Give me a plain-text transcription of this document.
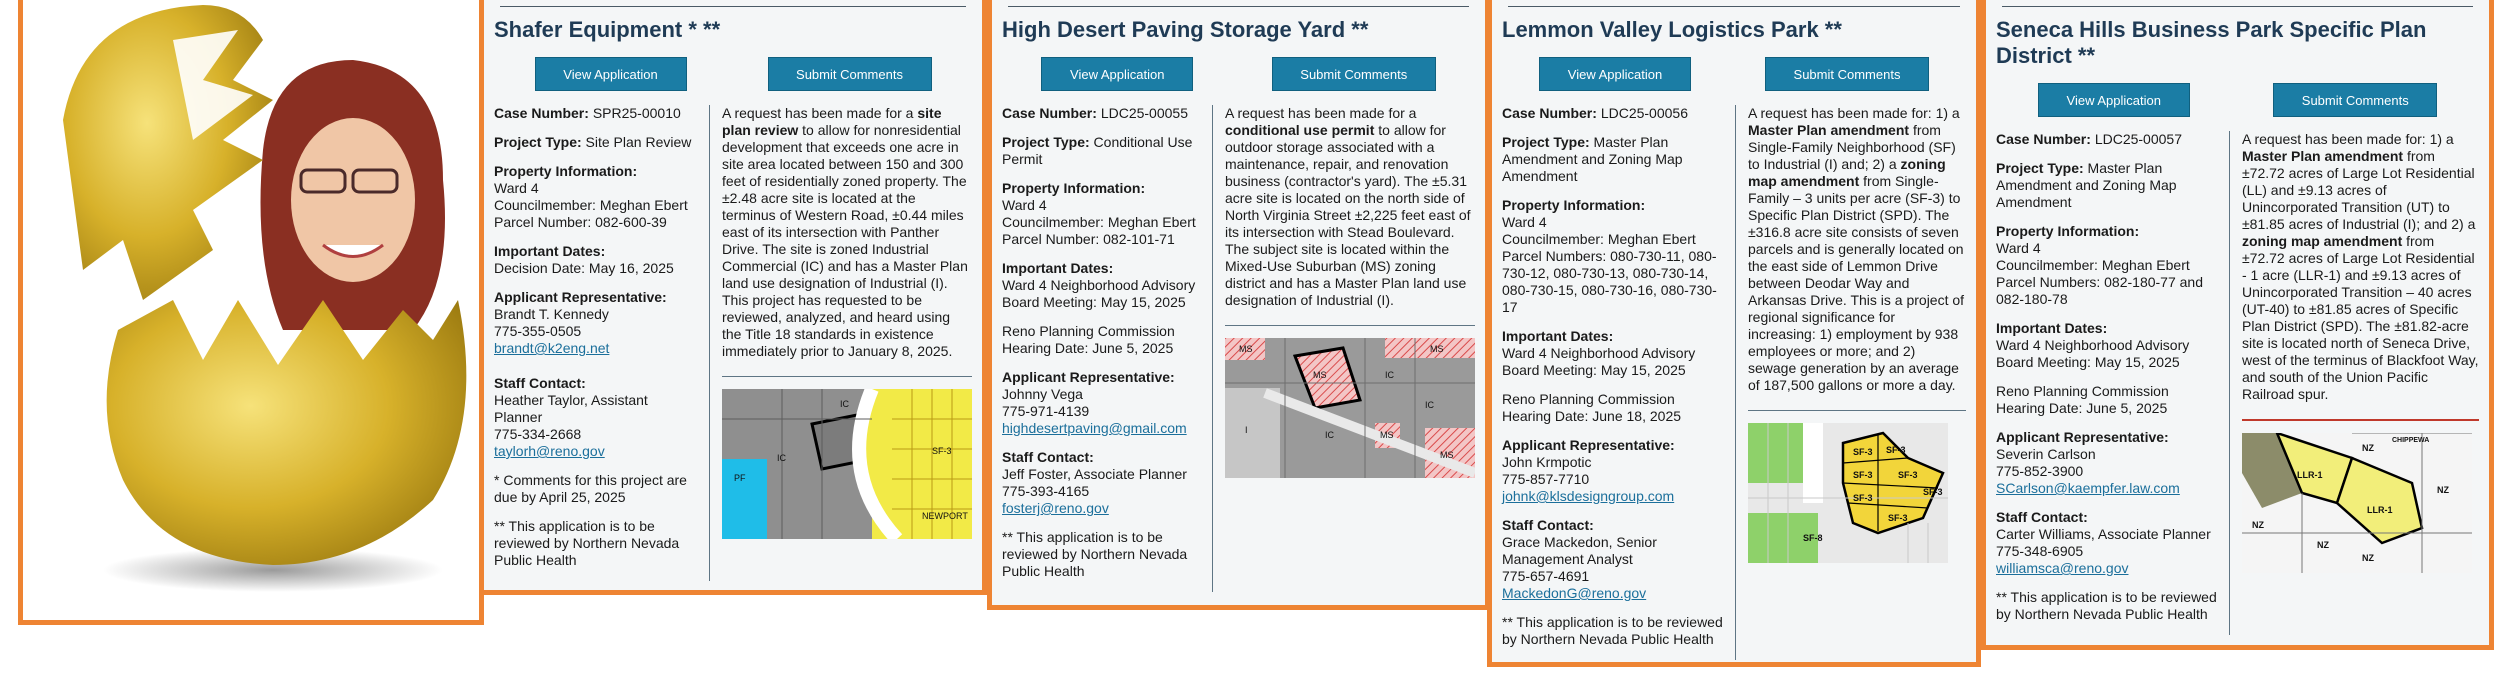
Shafer Equipment * **
View Application	Submit Comments
Case Number: SPR25-00010
Project Type: Site Plan Review
Property Information:
Ward 4
Councilmember: Meghan Ebert
Parcel Number: 082-600-39
Important Dates:
Decision Date: May 16, 2025
Applicant Representative:
Brandt T. Kennedy
775-355-0505
brandt@k2eng.net
Staff Contact:
Heather Taylor, Assistant Planner
775-334-2668
taylorh@reno.gov
* Comments for this project are due by April 25, 2025
** This application is to be reviewed by Northern Nevada Public Health
A request has been made for a site plan review to allow for nonresidential development that exceeds one acre in site area located between 150 and 300 feet of residentially zoned property. The ±2.48 acre site is located at the terminus of Western Road, ±0.44 miles east of its intersection with Panther Drive. The site is zoned Industrial Commercial (IC) and has a Master Plan land use designation of Industrial (I). This project has requested to be reviewed, analyzed, and heard using the Title 18 standards in existence immediately prior to January 8, 2025.
IC
IC
PF
SF-3
NEWPORT
High Desert Paving Storage Yard **
View Application	Submit Comments
Case Number: LDC25-00055
Project Type: Conditional Use Permit
Property Information:
Ward 4
Councilmember: Meghan Ebert
Parcel Number: 082-101-71
Important Dates:
Ward 4 Neighborhood Advisory Board Meeting: May 15, 2025
Reno Planning Commission Hearing Date: June 5, 2025
Applicant Representative:
Johnny Vega
775-971-4139
highdesertpaving@gmail.com
Staff Contact:
Jeff Foster, Associate Planner
775-393-4165
fosterj@reno.gov
** This application is to be reviewed by Northern Nevada Public Health
A request has been made for a conditional use permit to allow for outdoor storage associated with a maintenance, repair, and renovation business (contractor's yard). The ±5.31 acre site is located on the north side of North Virginia Street ±2,225 feet east of its intersection with Stead Boulevard. The subject site is located within the Mixed-Use Suburban (MS) zoning district and has a Master Plan land use designation of Industrial (I).
MS
MS
MS
IC
IC
IC
I	MS
MS
Lemmon Valley Logistics Park **
View Application	Submit Comments
Case Number: LDC25-00056
Project Type: Master Plan Amendment and Zoning Map Amendment
Property Information:
Ward 4
Councilmember: Meghan Ebert
Parcel Numbers: 080-730-11, 080-730-12, 080-730-13, 080-730-14, 080-730-15, 080-730-16, 080-730-17
Important Dates:
Ward 4 Neighborhood Advisory Board Meeting: May 15, 2025
Reno Planning Commission Hearing Date: June 18, 2025
Applicant Representative:
John Krmpotic
775-857-7710
johnk@klsdesigngroup.com
Staff Contact:
Grace Mackedon, Senior Management Analyst
775-657-4691
MackedonG@reno.gov
** This application is to be reviewed by Northern Nevada Public Health
A request has been made for: 1) a Master Plan amendment from Single-Family Neighborhood (SF) to Industrial (I) and; 2) a zoning map amendment from Single-Family – 3 units per acre (SF-3) to Specific Plan District (SPD). The ±316.8 acre site consists of seven parcels and is generally located on the east side of Lemmon Drive between Deodar Way and Arkansas Drive. This is a project of regional significance for increasing: 1) employment by 938 employees or more; and 2) sewage generation by an average of 187,500 gallons or more a day.
SF-3 SF-3
SF-3	SF-3
SF-3
SF-3
SF-3
SF-8
Seneca Hills Business Park Specific Plan District **
View Application	Submit Comments
Case Number: LDC25-00057
Project Type: Master Plan Amendment and Zoning Map Amendment
Property Information:
Ward 4
Councilmember: Meghan Ebert
Parcel Numbers: 082-180-77 and 082-180-78
Important Dates:
Ward 4 Neighborhood Advisory Board Meeting: May 15, 2025
Reno Planning Commission Hearing Date: June 5, 2025
Applicant Representative:
Severin Carlson
775-852-3900
SCarlson@kaempfer.law.com
Staff Contact:
Carter Williams, Associate Planner
775-348-6905
williamsca@reno.gov
** This application is to be reviewed by Northern Nevada Public Health
A request has been made for: 1) a Master Plan amendment from ±72.72 acres of Large Lot Residential (LL) and ±9.13 acres of Unincorporated Transition (UT) to ±81.85 acres of Industrial (I); and 2) a zoning map amendment from ±72.72 acres of Large Lot Residential - 1 acre (LLR-1) and ±9.13 acres of Unincorporated Transition – 40 acres (UT-40) to ±81.85 acres of Specific Plan District (SPD). The ±81.82-acre site is located north of Seneca Drive, west of the terminus of Blackfoot Way, and south of the Union Pacific Railroad spur.
NZ
LLR-1
LLR-1
NZ
NZ
NZ
NZ
CHIPPEWA
